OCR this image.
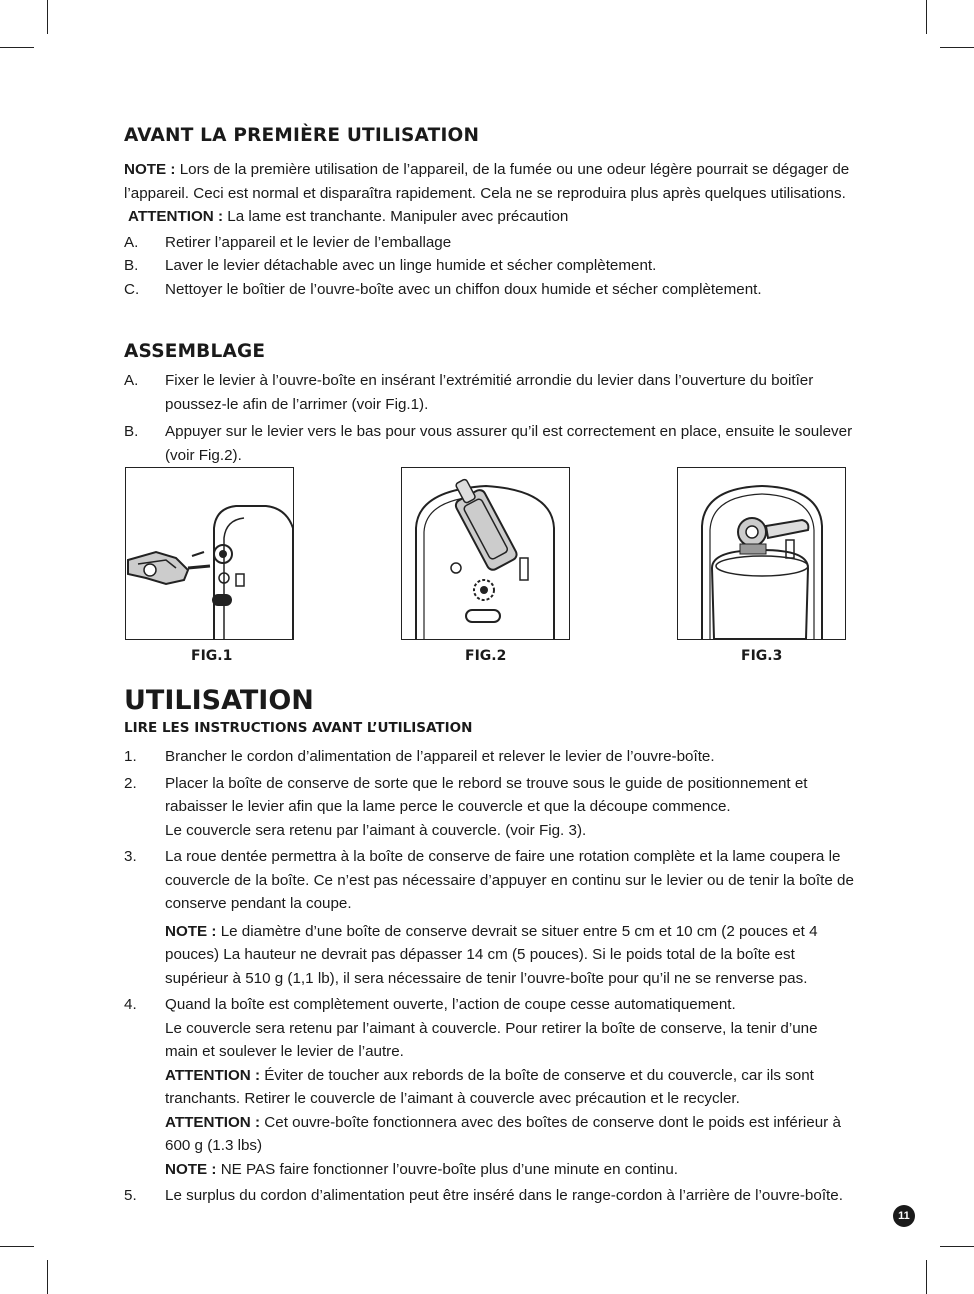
AVANT LA PREMIÈRE UTILISATION

NOTE : Lors de la première utilisation de l’appareil, de la fumée ou une odeur légère pourrait se dégager de l’appareil. Ceci est normal et disparaîtra rapidement. Cela ne se reproduira plus après quelques utilisations.

ATTENTION : La lame est tranchante. Manipuler avec précaution

A.	Retirer l’appareil et le levier de l’emballage
B.	Laver le levier détachable avec un linge humide et sécher complètement.
C.	Nettoyer le boîtier de l’ouvre-boîte avec un chiffon doux humide et sécher complètement.
ASSEMBLAGE
A.	Fixer le levier à l’ouvre-boîte en insérant l’extrémitié arrondie du levier dans l’ouverture du boitîer poussez-le afin de l’arrimer (voir Fig.1).
B.	Appuyer sur le levier vers le bas pour vous assurer qu’il est correctement en place, ensuite le soulever (voir Fig.2).
FIG.1	FIG.2	FIG.3
UTILISATION
LIRE LES INSTRUCTIONS AVANT L’UTILISATION
1.	Brancher le cordon d’alimentation de l’appareil et relever le levier de l’ouvre-boîte.
2.	Placer la boîte de conserve de sorte que le rebord se trouve sous le guide de positionnement et rabaisser le levier afin que la lame perce le couvercle et que la découpe commence.
Le couvercle sera retenu par l’aimant à couvercle. (voir Fig. 3).
3.	La roue dentée permettra à la boîte de conserve de faire une rotation complète et la lame coupera le couvercle de la boîte. Ce n’est pas nécessaire d’appuyer en continu sur le levier ou de tenir la boîte de conserve pendant la coupe.
NOTE : Le diamètre d’une boîte de conserve devrait se situer entre 5 cm et 10 cm (2 pouces et 4 pouces) La hauteur ne devrait pas dépasser 14 cm (5 pouces). Si le poids total de la boîte est supérieur à 510 g (1,1 lb), il sera nécessaire de tenir l’ouvre-boîte pour qu’il ne se renverse pas.
4.	Quand la boîte est complètement ouverte, l’action de coupe cesse automatiquement.
Le couvercle sera retenu par l’aimant à couvercle. Pour retirer la boîte de conserve, la tenir d’une main et soulever le levier de l’autre.
ATTENTION : Éviter de toucher aux rebords de la boîte de conserve et du couvercle, car ils sont tranchants. Retirer le couvercle de l’aimant à couvercle avec précaution et le recycler.
ATTENTION : Cet ouvre-boîte fonctionnera avec des boîtes de conserve dont le poids est inférieur à 600 g (1.3 lbs)
NOTE : NE PAS faire fonctionner l’ouvre-boîte plus d’une minute en continu.
5.	Le surplus du cordon d’alimentation peut être inséré dans le range-cordon à l’arrière de l’ouvre-boîte.
11
